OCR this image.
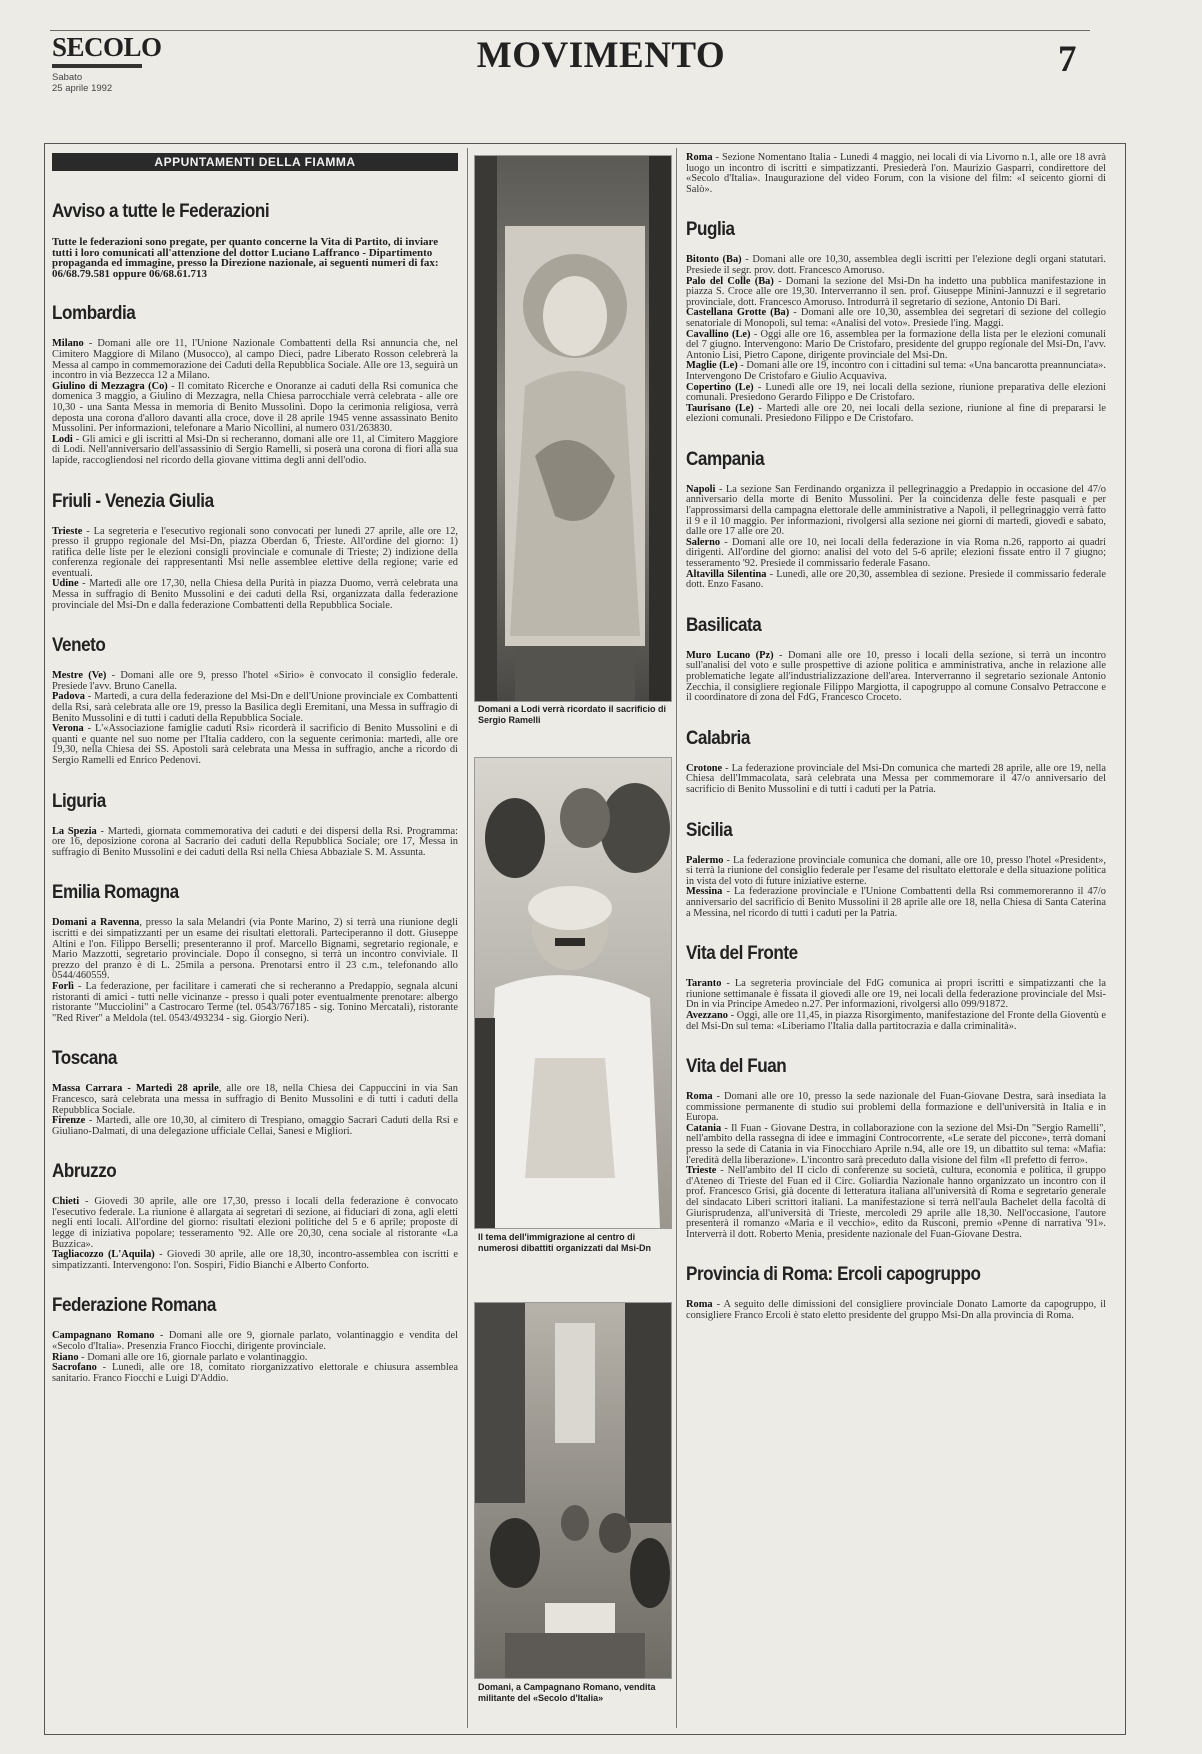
SECOLO
Sabato
25 aprile 1992
MOVIMENTO	7
APPUNTAMENTI DELLA FIAMMA
Avviso a tutte le Federazioni

Tutte le federazioni sono pregate, per quanto concerne la Vita di Partito, di inviare tutti i loro comunicati all'attenzione del dottor Luciano Laffranco - Dipartimento propaganda ed immagine, presso la Direzione nazionale, ai seguenti numeri di fax: 06/68.79.581 oppure 06/68.61.713

Lombardia

Milano - Domani alle ore 11, l'Unione Nazionale Combattenti della Rsi annuncia che, nel Cimitero Maggiore di Milano (Musocco), al campo Dieci, padre Liberato Rosson celebrerà la Messa al campo in commemorazione dei Caduti della Repubblica Sociale. Alle ore 13, seguirà un incontro in via Bezzecca 12 a Milano.

Giulino di Mezzagra (Co) - Il comitato Ricerche e Onoranze ai caduti della Rsi comunica che domenica 3 maggio, a Giulino di Mezzagra, nella Chiesa parrocchiale verrà celebrata - alle ore 10,30 - una Santa Messa in memoria di Benito Mussolini. Dopo la cerimonia religiosa, verrà deposta una corona d'alloro davanti alla croce, dove il 28 aprile 1945 venne assassinato Benito Mussolini. Per informazioni, telefonare a Mario Nicollini, al numero 031/263830.

Lodi - Gli amici e gli iscritti al Msi-Dn si recheranno, domani alle ore 11, al Cimitero Maggiore di Lodi. Nell'anniversario dell'assassinio di Sergio Ramelli, si poserà una corona di fiori alla sua lapide, raccogliendosi nel ricordo della giovane vittima degli anni dell'odio.

Friuli - Venezia Giulia

Trieste - La segreteria e l'esecutivo regionali sono convocati per lunedì 27 aprile, alle ore 12, presso il gruppo regionale del Msi-Dn, piazza Oberdan 6, Trieste. All'ordine del giorno: 1) ratifica delle liste per le elezioni consigli provinciale e comunale di Trieste; 2) indizione della conferenza regionale dei rappresentanti Msi nelle assemblee elettive della regione; varie ed eventuali.

Udine - Martedì alle ore 17,30, nella Chiesa della Purità in piazza Duomo, verrà celebrata una Messa in suffragio di Benito Mussolini e dei caduti della Rsi, organizzata dalla federazione provinciale del Msi-Dn e dalla federazione Combattenti della Repubblica Sociale.

Veneto

Mestre (Ve) - Domani alle ore 9, presso l'hotel «Sirio» è convocato il consiglio federale. Presiede l'avv. Bruno Canella.

Padova - Martedì, a cura della federazione del Msi-Dn e dell'Unione provinciale ex Combattenti della Rsi, sarà celebrata alle ore 19, presso la Basilica degli Eremitani, una Messa in suffragio di Benito Mussolini e di tutti i caduti della Repubblica Sociale.

Verona - L'«Associazione famiglie caduti Rsi» ricorderà il sacrificio di Benito Mussolini e di quanti e quante nel suo nome per l'Italia caddero, con la seguente cerimonia: martedì, alle ore 19,30, nella Chiesa dei SS. Apostoli sarà celebrata una Messa in suffragio, anche a ricordo di Sergio Ramelli ed Enrico Pedenovi.

Liguria

La Spezia - Martedì, giornata commemorativa dei caduti e dei dispersi della Rsi. Programma: ore 16, deposizione corona al Sacrario dei caduti della Repubblica Sociale; ore 17, Messa in suffragio di Benito Mussolini e dei caduti della Rsi nella Chiesa Abbaziale S. M. Assunta.

Emilia Romagna

Domani a Ravenna, presso la sala Melandri (via Ponte Marino, 2) si terrà una riunione degli iscritti e dei simpatizzanti per un esame dei risultati elettorali. Parteciperanno il dott. Giuseppe Altini e l'on. Filippo Berselli; presenteranno il prof. Marcello Bignami, segretario regionale, e Mario Mazzotti, segretario provinciale. Dopo il consegno, si terrà un incontro conviviale. Il prezzo del pranzo è di L. 25mila a persona. Prenotarsi entro il 23 c.m., telefonando allo 0544/460559.

Forlì - La federazione, per facilitare i camerati che si recheranno a Predappio, segnala alcuni ristoranti di amici - tutti nelle vicinanze - presso i quali poter eventualmente prenotare: albergo ristorante "Mucciolini" a Castrocaro Terme (tel. 0543/767185 - sig. Tonino Mercatali), ristorante "Red River" a Meldola (tel. 0543/493234 - sig. Giorgio Neri).

Toscana

Massa Carrara - Martedì 28 aprile, alle ore 18, nella Chiesa dei Cappuccini in via San Francesco, sarà celebrata una messa in suffragio di Benito Mussolini e di tutti i caduti della Repubblica Sociale.

Firenze - Martedì, alle ore 10,30, al cimitero di Trespiano, omaggio Sacrari Caduti della Rsi e Giuliano-Dalmati, di una delegazione ufficiale Cellai, Sanesi e Migliori.

Abruzzo

Chieti - Giovedì 30 aprile, alle ore 17,30, presso i locali della federazione è convocato l'esecutivo federale. La riunione è allargata ai segretari di sezione, ai fiduciari di zona, agli eletti negli enti locali. All'ordine del giorno: risultati elezioni politiche del 5 e 6 aprile; proposte di legge di iniziativa popolare; tesseramento '92. Alle ore 20,30, cena sociale al ristorante «La Buzzica».

Tagliacozzo (L'Aquila) - Giovedì 30 aprile, alle ore 18,30, incontro-assemblea con iscritti e simpatizzanti. Intervengono: l'on. Sospiri, Fidio Bianchi e Alberto Conforto.

Federazione Romana

Campagnano Romano - Domani alle ore 9, giornale parlato, volantinaggio e vendita del «Secolo d'Italia». Presenzia Franco Fiocchi, dirigente provinciale.

Riano - Domani alle ore 16, giornale parlato e volantinaggio.

Sacrofano - Lunedì, alle ore 18, comitato riorganizzativo elettorale e chiusura assemblea sanitario. Franco Fiocchi e Luigi D'Addio.

Domani a Lodi verrà ricordato il sacrificio di Sergio Ramelli
Il tema dell'immigrazione al centro di numerosi dibattiti organizzati dal Msi-Dn
Domani, a Campagnano Romano, vendita militante del «Secolo d'Italia»

Roma - Sezione Nomentano Italia - Lunedì 4 maggio, nei locali di via Livorno n.1, alle ore 18 avrà luogo un incontro di iscritti e simpatizzanti. Presiederà l'on. Maurizio Gasparri, condirettore del «Secolo d'Italia». Inaugurazione del video Forum, con la visione del film: «I seicento giorni di Salò».

Puglia

Bitonto (Ba) - Domani alle ore 10,30, assemblea degli iscritti per l'elezione degli organi statutari. Presiede il segr. prov. dott. Francesco Amoruso.

Palo del Colle (Ba) - Domani la sezione del Msi-Dn ha indetto una pubblica manifestazione in piazza S. Croce alle ore 19,30. Interverranno il sen. prof. Giuseppe Minini-Jannuzzi e il segretario provinciale, dott. Francesco Amoruso. Introdurrà il segretario di sezione, Antonio Di Bari.

Castellana Grotte (Ba) - Domani alle ore 10,30, assemblea dei segretari di sezione del collegio senatoriale di Monopoli, sul tema: «Analisi del voto». Presiede l'ing. Maggi.

Cavallino (Le) - Oggi alle ore 16, assemblea per la formazione della lista per le elezioni comunali del 7 giugno. Intervengono: Mario De Cristofaro, presidente del gruppo regionale del Msi-Dn, l'avv. Antonio Lisi, Pietro Capone, dirigente provinciale del Msi-Dn.

Maglie (Le) - Domani alle ore 19, incontro con i cittadini sul tema: «Una bancarotta preannunciata». Intervengono De Cristofaro e Giulio Acquaviva.

Copertino (Le) - Lunedì alle ore 19, nei locali della sezione, riunione preparativa delle elezioni comunali. Presiedono Gerardo Filippo e De Cristofaro.

Taurisano (Le) - Martedì alle ore 20, nei locali della sezione, riunione al fine di prepararsi le elezioni comunali. Presiedono Filippo e De Cristofaro.

Campania

Napoli - La sezione San Ferdinando organizza il pellegrinaggio a Predappio in occasione del 47/o anniversario della morte di Benito Mussolini. Per la coincidenza delle feste pasquali e per l'approssimarsi della campagna elettorale delle amministrative a Napoli, il pellegrinaggio verrà fatto il 9 e il 10 maggio. Per informazioni, rivolgersi alla sezione nei giorni di martedì, giovedì e sabato, dalle ore 17 alle ore 20.

Salerno - Domani alle ore 10, nei locali della federazione in via Roma n.26, rapporto ai quadri dirigenti. All'ordine del giorno: analisi del voto del 5-6 aprile; elezioni fissate entro il 7 giugno; tesseramento '92. Presiede il commissario federale Fasano.

Altavilla Silentina - Lunedì, alle ore 20,30, assemblea di sezione. Presiede il commissario federale dott. Enzo Fasano.

Basilicata

Muro Lucano (Pz) - Domani alle ore 10, presso i locali della sezione, si terrà un incontro sull'analisi del voto e sulle prospettive di azione politica e amministrativa, anche in relazione alle problematiche legate all'industrializzazione dell'area. Interverranno il segretario sezionale Antonio Zecchia, il consigliere regionale Filippo Margiotta, il capogruppo al comune Consalvo Petraccone e il coordinatore di zona del FdG, Francesco Croceto.

Calabria

Crotone - La federazione provinciale del Msi-Dn comunica che martedì 28 aprile, alle ore 19, nella Chiesa dell'Immacolata, sarà celebrata una Messa per commemorare il 47/o anniversario del sacrificio di Benito Mussolini e di tutti i caduti per la Patria.

Sicilia

Palermo - La federazione provinciale comunica che domani, alle ore 10, presso l'hotel «President», si terrà la riunione del consiglio federale per l'esame del risultato elettorale e della situazione politica in vista del voto di future iniziative esterne.

Messina - La federazione provinciale e l'Unione Combattenti della Rsi commemoreranno il 47/o anniversario del sacrificio di Benito Mussolini il 28 aprile alle ore 18, nella Chiesa di Santa Caterina a Messina, nel ricordo di tutti i caduti per la Patria.

Vita del Fronte

Taranto - La segreteria provinciale del FdG comunica ai propri iscritti e simpatizzanti che la riunione settimanale è fissata il giovedì alle ore 19, nei locali della federazione provinciale del Msi-Dn in via Principe Amedeo n.27. Per informazioni, rivolgersi allo 099/91872.

Avezzano - Oggi, alle ore 11,45, in piazza Risorgimento, manifestazione del Fronte della Gioventù e del Msi-Dn sul tema: «Liberiamo l'Italia dalla partitocrazia e dalla criminalità».

Vita del Fuan

Roma - Domani alle ore 10, presso la sede nazionale del Fuan-Giovane Destra, sarà insediata la commissione permanente di studio sui problemi della formazione e dell'università in Italia e in Europa.

Catania - Il Fuan - Giovane Destra, in collaborazione con la sezione del Msi-Dn "Sergio Ramelli", nell'ambito della rassegna di idee e immagini Controcorrente, «Le serate del piccone», terrà domani presso la sede di Catania in via Finocchiaro Aprile n.94, alle ore 19, un dibattito sul tema: «Mafia: l'eredità della liberazione». L'incontro sarà preceduto dalla visione del film «Il prefetto di ferro».

Trieste - Nell'ambito del II ciclo di conferenze su società, cultura, economia e politica, il gruppo d'Ateneo di Trieste del Fuan ed il Circ. Goliardia Nazionale hanno organizzato un incontro con il prof. Francesco Grisi, già docente di letteratura italiana all'università di Roma e segretario generale del sindacato Liberi scrittori italiani. La manifestazione si terrà nell'aula Bachelet della facoltà di Giurisprudenza, all'università di Trieste, mercoledì 29 aprile alle 18,30. Nell'occasione, l'autore presenterà il romanzo «Maria e il vecchio», edito da Rusconi, premio «Penne di narrativa '91». Interverrà il dott. Roberto Menia, presidente nazionale del Fuan-Giovane Destra.

Provincia di Roma: Ercoli capogruppo

Roma - A seguito delle dimissioni del consigliere provinciale Donato Lamorte da capogruppo, il consigliere Franco Ercoli è stato eletto presidente del gruppo Msi-Dn alla provincia di Roma.
